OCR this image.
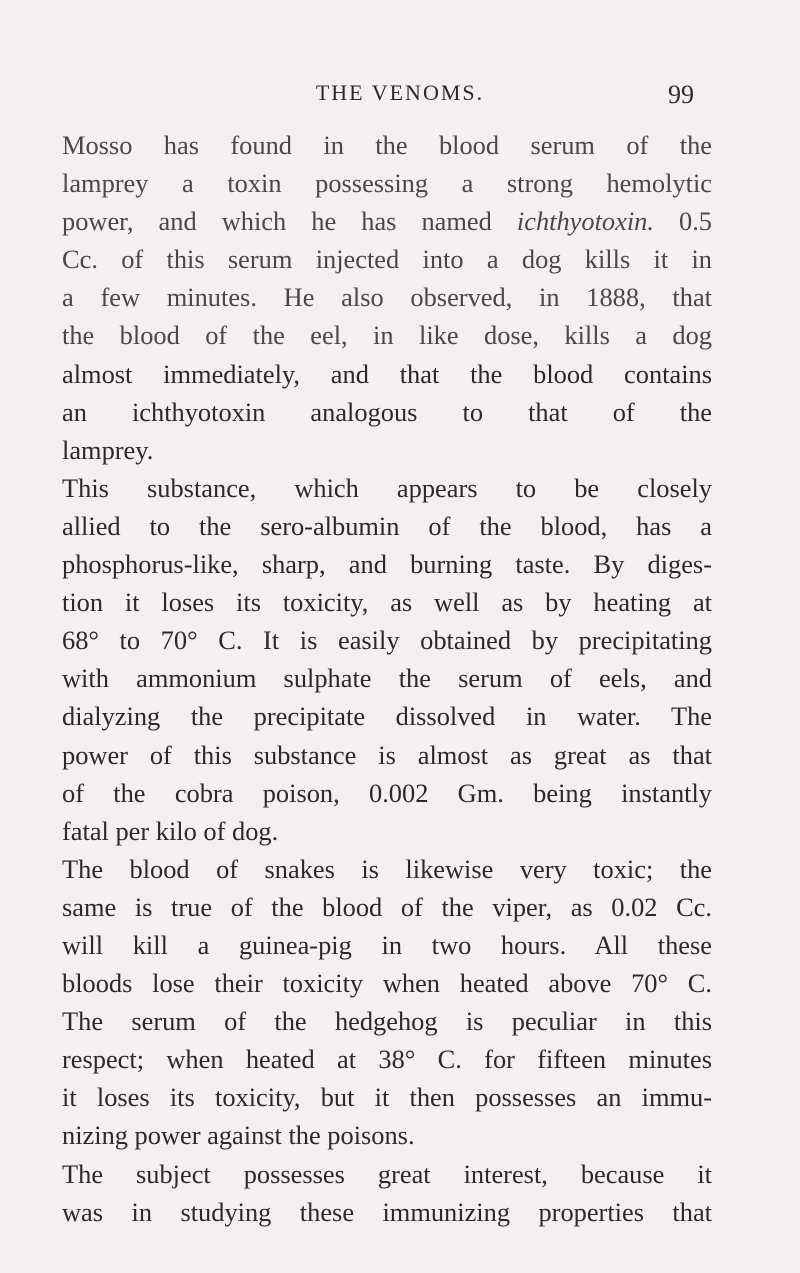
THE VENOMS.	99
Mosso has found in the blood serum of the
lamprey a toxin possessing a strong hemolytic
power, and which he has named ichthyotoxin. 0.5
Cc. of this serum injected into a dog kills it in
a few minutes. He also observed, in 1888, that
the blood of the eel, in like dose, kills a dog
almost immediately, and that the blood contains
an ichthyotoxin analogous to that of the
lamprey.
This substance, which appears to be closely
allied to the sero-albumin of the blood, has a
phosphorus-like, sharp, and burning taste. By diges-
tion it loses its toxicity, as well as by heating at
68° to 70° C. It is easily obtained by precipitating
with ammonium sulphate the serum of eels, and
dialyzing the precipitate dissolved in water. The
power of this substance is almost as great as that
of the cobra poison, 0.002 Gm. being instantly
fatal per kilo of dog.
The blood of snakes is likewise very toxic; the
same is true of the blood of the viper, as 0.02 Cc.
will kill a guinea-pig in two hours. All these
bloods lose their toxicity when heated above 70° C.
The serum of the hedgehog is peculiar in this
respect; when heated at 38° C. for fifteen minutes
it loses its toxicity, but it then possesses an immu-
nizing power against the poisons.
The subject possesses great interest, because it
was in studying these immunizing properties that
